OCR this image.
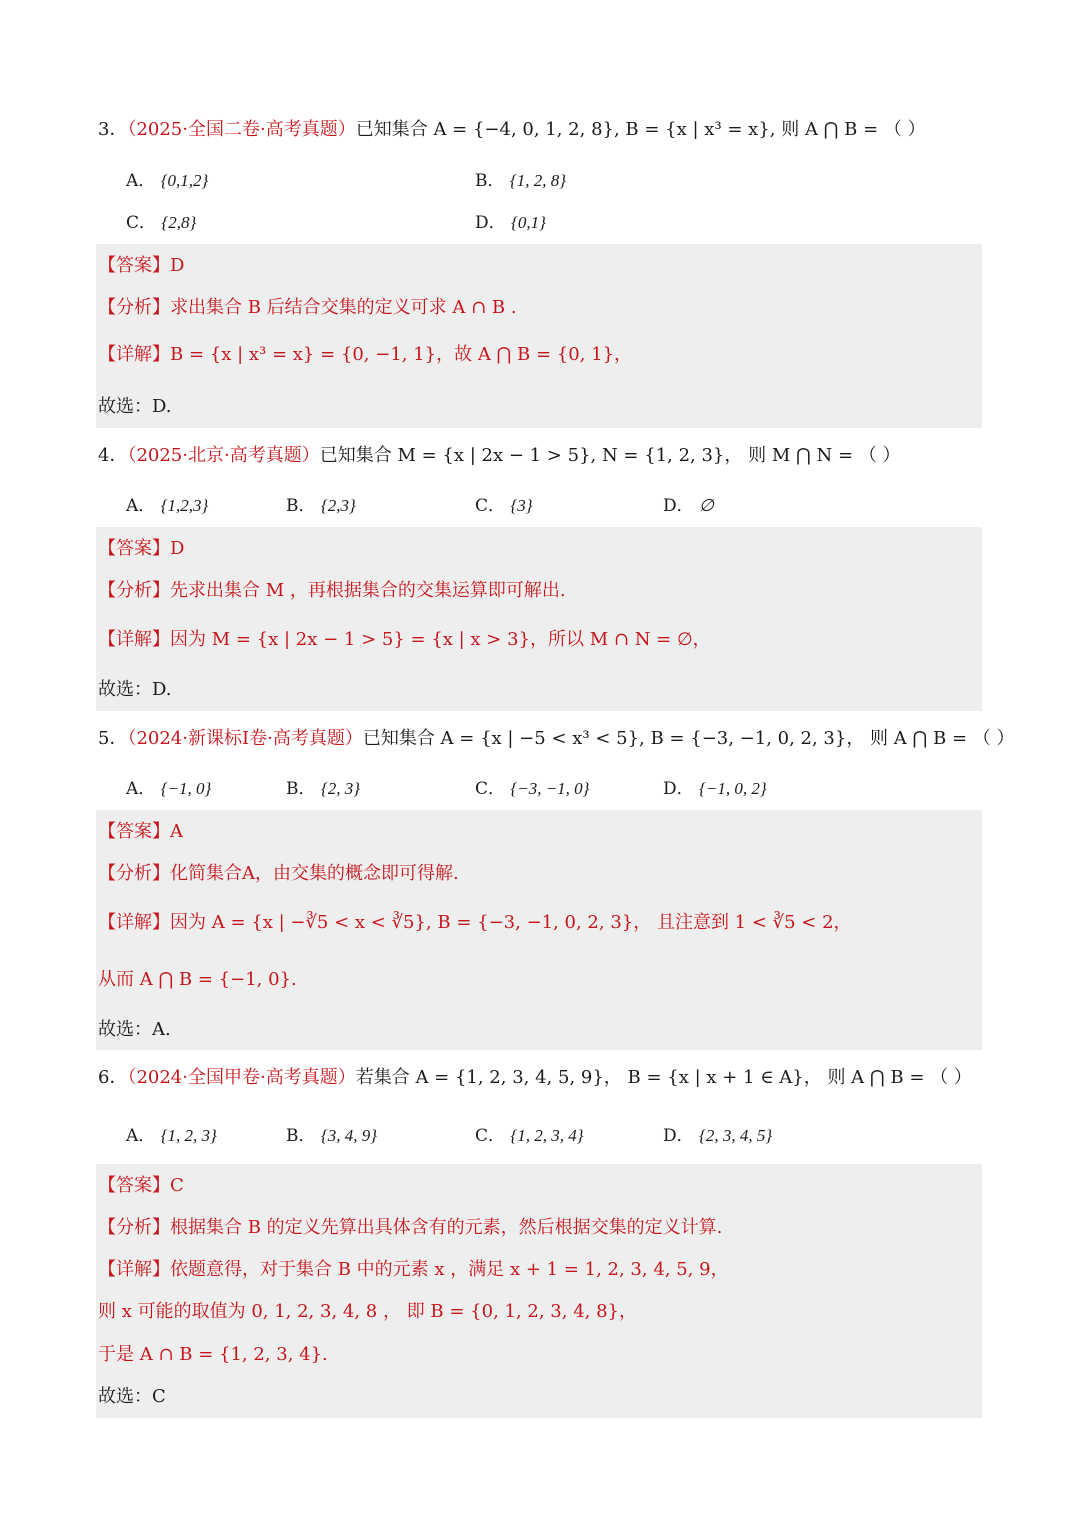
3．（2025·全国二卷·高考真题）已知集合 A = {−4, 0, 1, 2, 8}, B = {x | x³ = x}, 则 A ⋂ B = （ ）
A． {0,1,2}	B． {1, 2, 8}
C． {2,8}	D． {0,1}
【答案】D
【分析】求出集合 B 后结合交集的定义可求 A ∩ B .
【详解】B = {x | x³ = x} = {0, −1, 1}，故 A ⋂ B = {0, 1}，
故选：D.
4．（2025·北京·高考真题）已知集合 M = {x | 2x − 1 > 5}, N = {1, 2, 3}， 则 M ⋂ N = （ ）
A． {1,2,3}	B． {2,3}	C． {3}	D． ∅
【答案】D
【分析】先求出集合 M ，再根据集合的交集运算即可解出.
【详解】因为 M = {x | 2x − 1 > 5} = {x | x > 3}，所以 M ∩ N = ∅，
故选：D.
5．（2024·新课标Ⅰ卷·高考真题）已知集合 A = {x | −5 < x³ < 5}, B = {−3, −1, 0, 2, 3}， 则 A ⋂ B = （ ）
A． {−1, 0}	B． {2, 3}	C． {−3, −1, 0}	D． {−1, 0, 2}
【答案】A
【分析】化简集合A，由交集的概念即可得解.
【详解】因为 A = {x | −∛5 < x < ∛5}, B = {−3, −1, 0, 2, 3}， 且注意到 1 < ∛5 < 2，
从而 A ⋂ B = {−1, 0}.
故选：A.
6．（2024·全国甲卷·高考真题）若集合 A = {1, 2, 3, 4, 5, 9}， B = {x | x + 1 ∈ A}， 则 A ⋂ B = （ ）
A． {1, 2, 3}	B． {3, 4, 9}	C． {1, 2, 3, 4}	D． {2, 3, 4, 5}
【答案】C
【分析】根据集合 B 的定义先算出具体含有的元素，然后根据交集的定义计算.
【详解】依题意得，对于集合 B 中的元素 x ，满足 x + 1 = 1, 2, 3, 4, 5, 9，
则 x 可能的取值为 0, 1, 2, 3, 4, 8 ， 即 B = {0, 1, 2, 3, 4, 8}，
于是 A ∩ B = {1, 2, 3, 4}.
故选：C
